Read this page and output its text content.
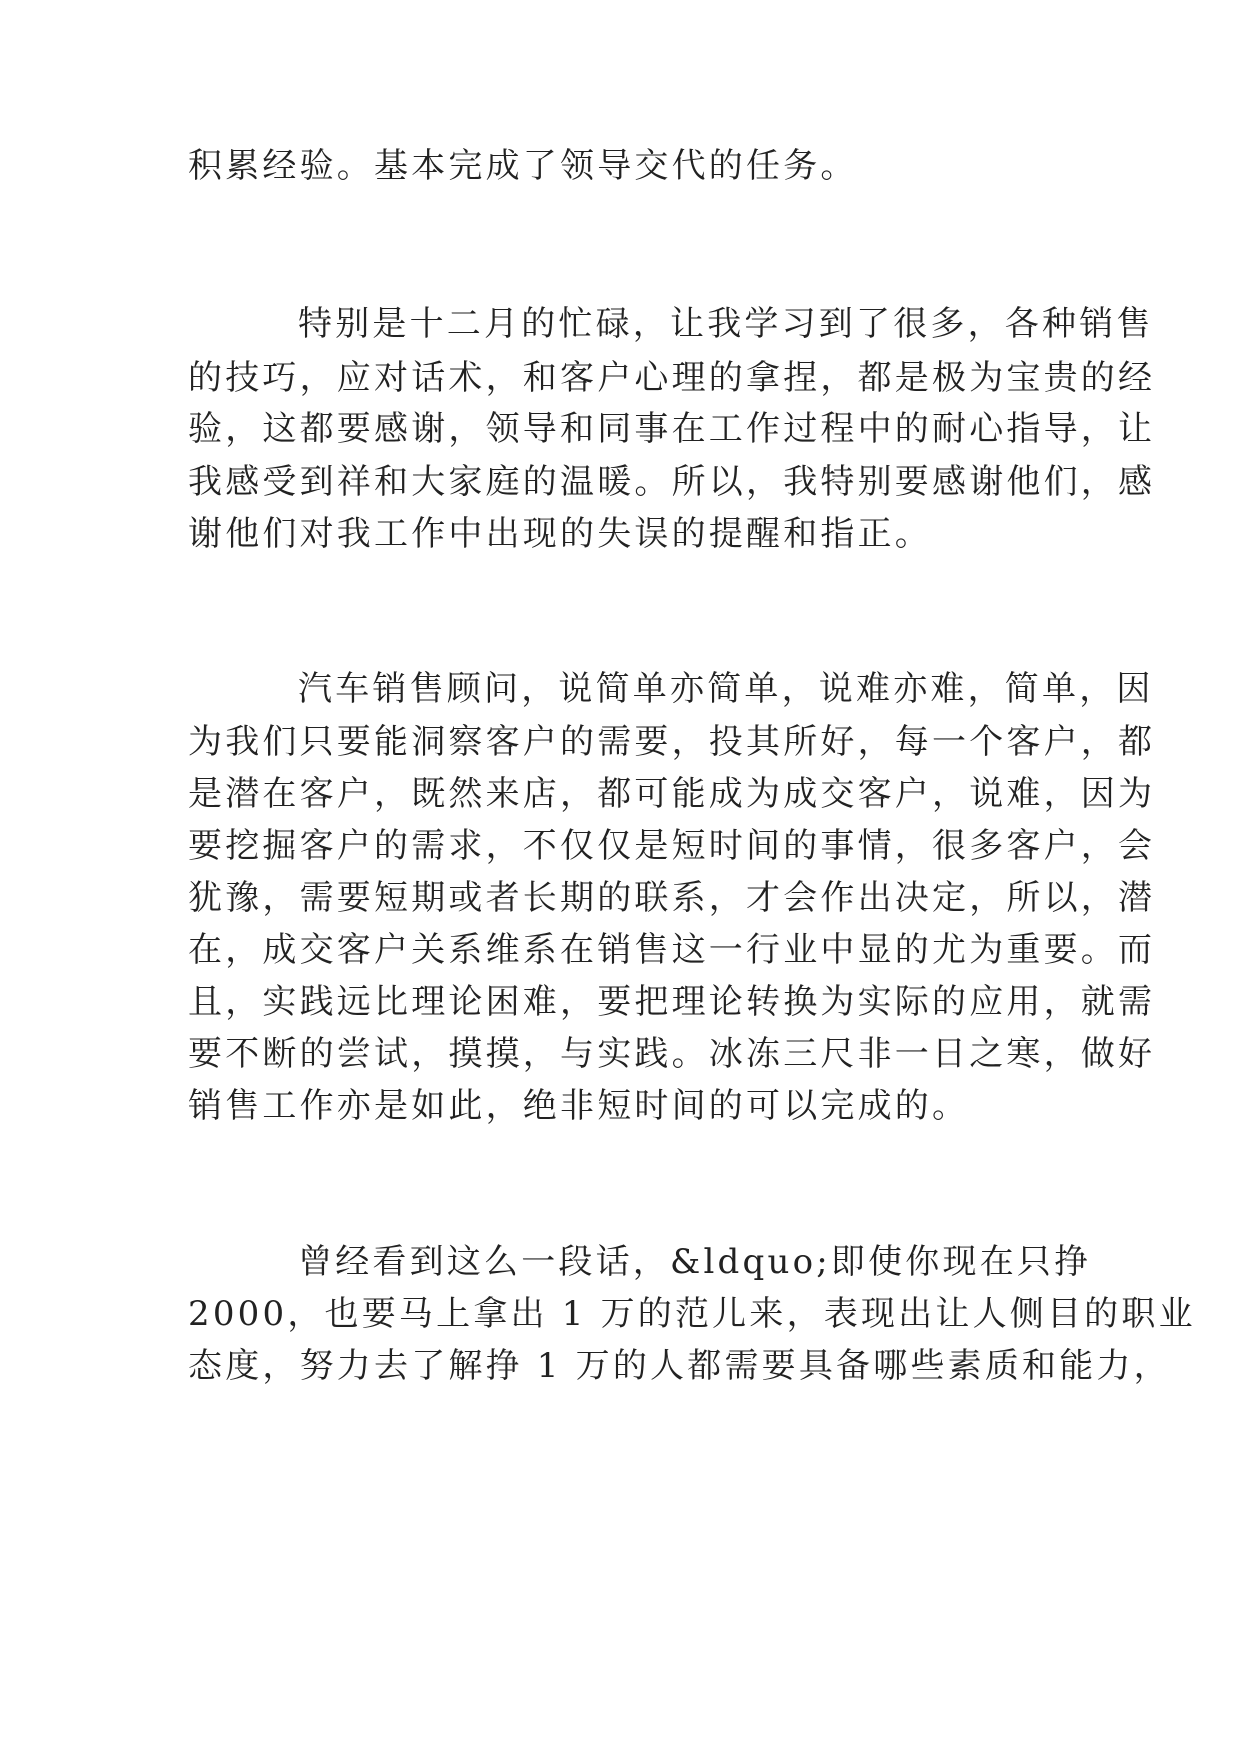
积累经验。基本完成了领导交代的任务。
特别是十二月的忙碌，让我学习到了很多，各种销售
的技巧，应对话术，和客户心理的拿捏，都是极为宝贵的经
验，这都要感谢，领导和同事在工作过程中的耐心指导，让
我感受到祥和大家庭的温暖。所以，我特别要感谢他们，感
谢他们对我工作中出现的失误的提醒和指正。
汽车销售顾问，说简单亦简单，说难亦难，简单，因
为我们只要能洞察客户的需要，投其所好，每一个客户，都
是潜在客户，既然来店，都可能成为成交客户，说难，因为
要挖掘客户的需求，不仅仅是短时间的事情，很多客户，会
犹豫，需要短期或者长期的联系，才会作出决定，所以，潜
在，成交客户关系维系在销售这一行业中显的尤为重要。而
且，实践远比理论困难，要把理论转换为实际的应用，就需
要不断的尝试，摸摸，与实践。冰冻三尺非一日之寒，做好
销售工作亦是如此，绝非短时间的可以完成的。
曾经看到这么一段话，&ldquo;即使你现在只挣
2000，也要马上拿出 1 万的范儿来，表现出让人侧目的职业
态度，努力去了解挣 1 万的人都需要具备哪些素质和能力，
